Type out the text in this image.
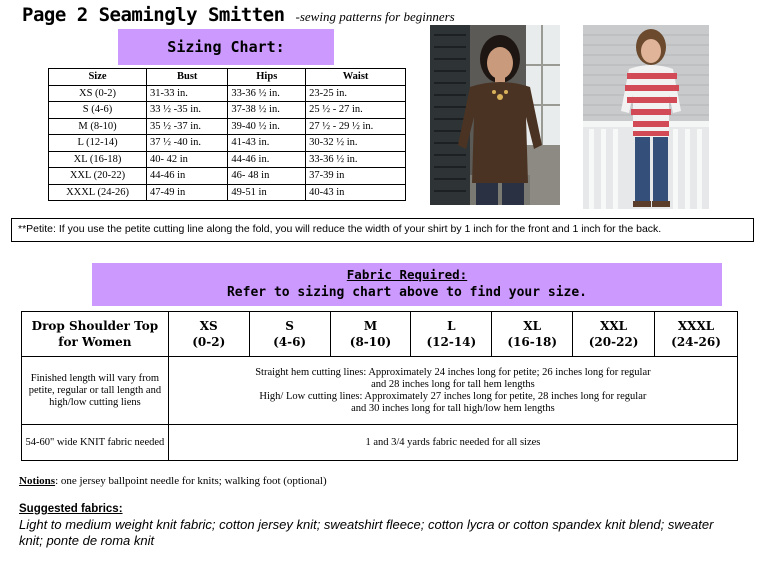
Page 2 Seamingly Smitten -sewing patterns for beginners
Sizing Chart:
Size	Bust	Hips	Waist
XS (0-2)	31-33 in.	33-36 ½ in.	23-25 in.
S (4-6)	33 ½ -35 in.	37-38 ½ in.	25 ½ - 27 in.
M (8-10)	35 ½ -37 in.	39-40 ½ in.	27 ½ - 29 ½ in.
L (12-14)	37 ½ -40 in.	41-43 in.	30-32 ½ in.
XL (16-18)	40- 42 in	44-46 in.	33-36 ½ in.
XXL (20-22)	44-46 in	46- 48 in	37-39 in
XXXL (24-26)	47-49 in	49-51 in	40-43 in
**Petite: If you use the petite cutting line along the fold, you will reduce the width of your shirt by 1 inch for the front and 1 inch for the back.
Fabric Required:
Refer to sizing chart above to find your size.
Drop Shoulder Top for Women	XS
(0-2)	S
(4-6)	M
(8-10)	L
(12-14)	XL
(16-18)	XXL
(20-22)	XXXL
(24-26)
Finished length will vary from petite, regular or tall length and high/low cutting liens	Straight hem cutting lines: Approximately 24 inches long for petite; 26 inches long for regular
and 28 inches long for tall hem lengths
High/ Low cutting lines: Approximately 27 inches long for petite, 28 inches long for regular
and 30 inches long for tall high/low hem lengths						

54-60" wide KNIT fabric needed	1 and 3/4 yards fabric needed for all sizes						
Notions: one jersey ballpoint needle for knits; walking foot (optional)
Suggested fabrics:
Light to medium weight knit fabric; cotton jersey knit; sweatshirt fleece; cotton lycra or cotton spandex knit blend; sweater knit; ponte de roma knit
